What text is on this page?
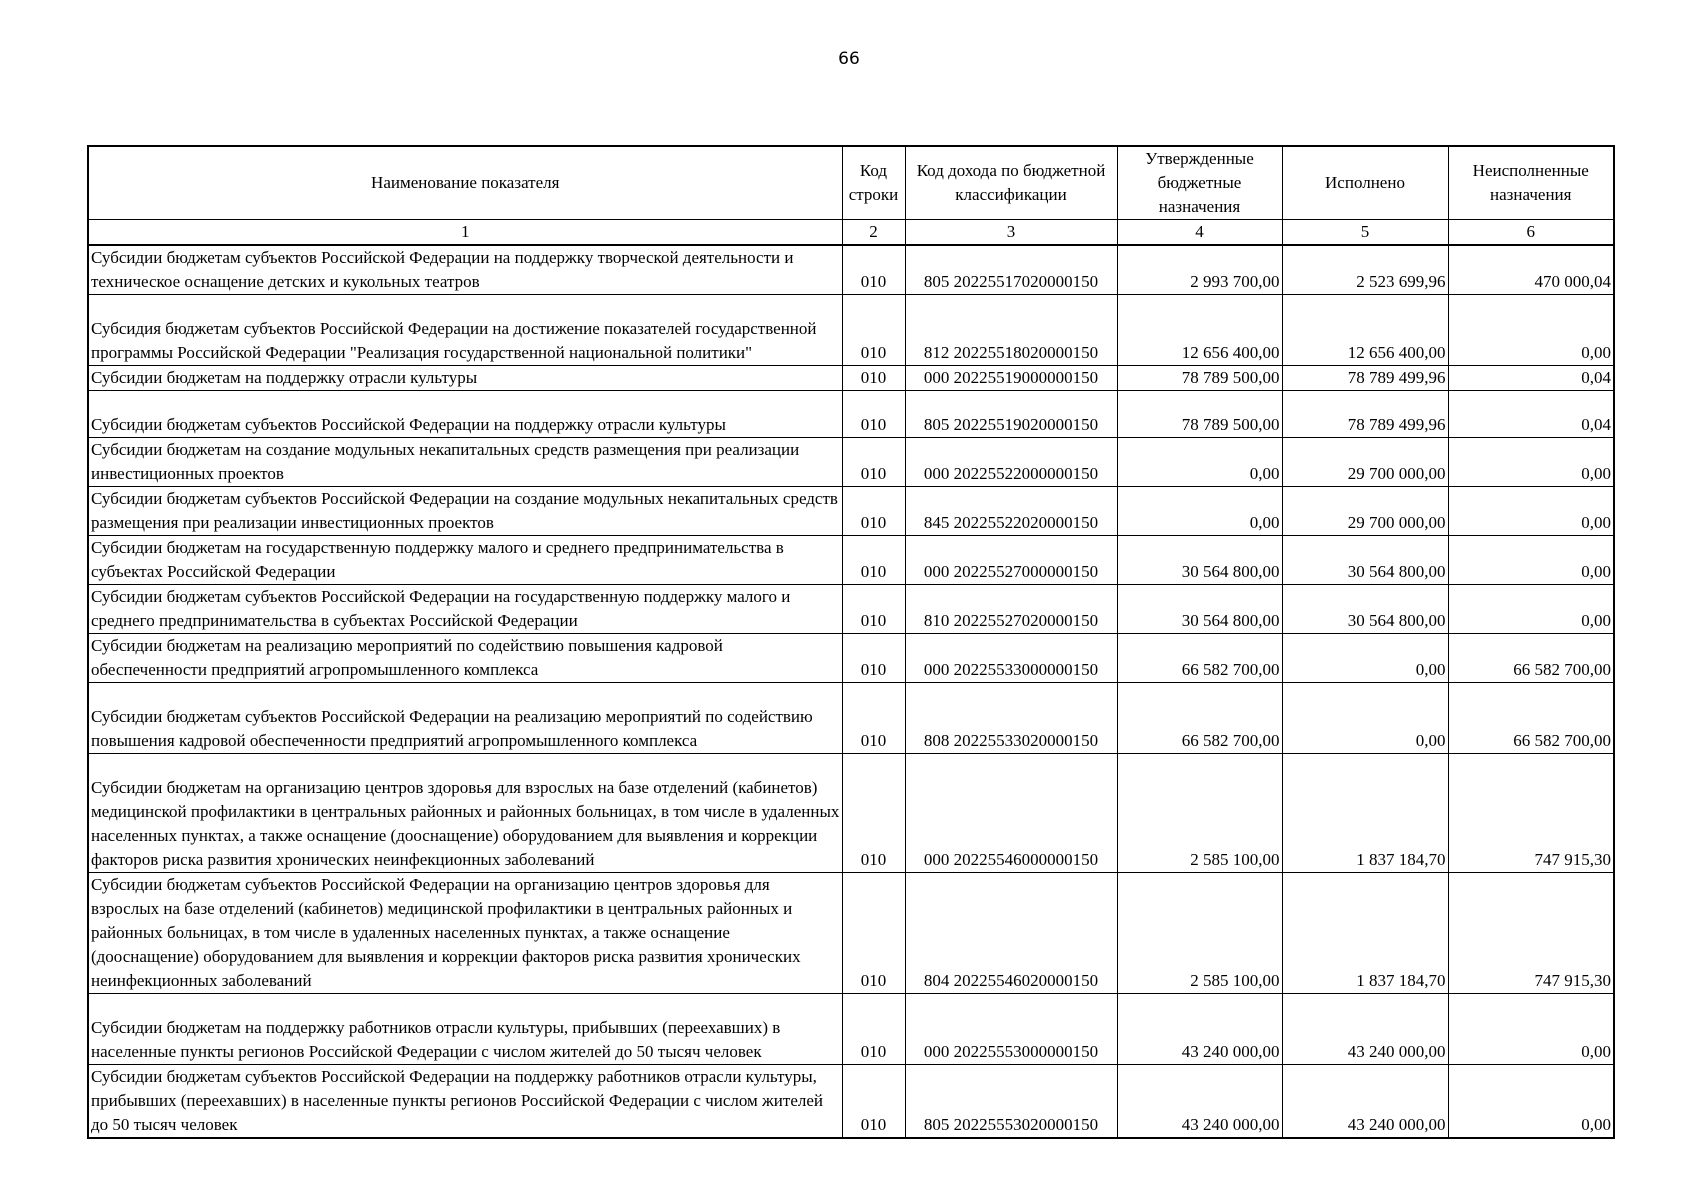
66
Наименование показателя	Код строки	Код дохода по бюджетной классификации	Утвержденные бюджетные назначения	Исполнено	Неисполненные назначения
1	2	3	4	5	6
Субсидии бюджетам субъектов Российской Федерации на поддержку творческой деятельности и техническое оснащение детских и кукольных театров	010	805 20225517020000150	2 993 700,00	2 523 699,96	470 000,04
Субсидия бюджетам субъектов Российской Федерации на достижение показателей государственной программы Российской Федерации "Реализация государственной национальной политики"	010	812 20225518020000150	12 656 400,00	12 656 400,00	0,00
Субсидии бюджетам на поддержку отрасли культуры	010	000 20225519000000150	78 789 500,00	78 789 499,96	0,04
Субсидии бюджетам субъектов Российской Федерации на поддержку отрасли культуры	010	805 20225519020000150	78 789 500,00	78 789 499,96	0,04
Субсидии бюджетам на создание модульных некапитальных средств размещения при реализации инвестиционных проектов	010	000 20225522000000150	0,00	29 700 000,00	0,00
Субсидии бюджетам субъектов Российской Федерации на создание модульных некапитальных средств размещения при реализации инвестиционных проектов	010	845 20225522020000150	0,00	29 700 000,00	0,00
Субсидии бюджетам на государственную поддержку малого и среднего предпринимательства в субъектах Российской Федерации	010	000 20225527000000150	30 564 800,00	30 564 800,00	0,00
Субсидии бюджетам субъектов Российской Федерации на государственную поддержку малого и среднего предпринимательства в субъектах Российской Федерации	010	810 20225527020000150	30 564 800,00	30 564 800,00	0,00
Субсидии бюджетам на реализацию мероприятий по содействию повышения кадровой обеспеченности предприятий агропромышленного комплекса	010	000 20225533000000150	66 582 700,00	0,00	66 582 700,00
Субсидии бюджетам субъектов Российской Федерации на реализацию мероприятий по содействию повышения кадровой обеспеченности предприятий агропромышленного комплекса	010	808 20225533020000150	66 582 700,00	0,00	66 582 700,00
Субсидии бюджетам на организацию центров здоровья для взрослых на базе отделений (кабинетов) медицинской профилактики в центральных районных и районных больницах, в том числе в удаленных населенных пунктах, а также оснащение (дооснащение) оборудованием для выявления и коррекции факторов риска развития хронических неинфекционных заболеваний	010	000 20225546000000150	2 585 100,00	1 837 184,70	747 915,30
Субсидии бюджетам субъектов Российской Федерации на организацию центров здоровья для взрослых на базе отделений (кабинетов) медицинской профилактики в центральных районных и районных больницах, в том числе в удаленных населенных пунктах, а также оснащение (дооснащение) оборудованием для выявления и коррекции факторов риска развития хронических неинфекционных заболеваний	010	804 20225546020000150	2 585 100,00	1 837 184,70	747 915,30
Субсидии бюджетам на поддержку работников отрасли культуры, прибывших (переехавших) в населенные пункты регионов Российской Федерации с числом жителей до 50 тысяч человек	010	000 20225553000000150	43 240 000,00	43 240 000,00	0,00
Субсидии бюджетам субъектов Российской Федерации на поддержку работников отрасли культуры, прибывших (переехавших) в населенные пункты регионов Российской Федерации с числом жителей до 50 тысяч человек	010	805 20225553020000150	43 240 000,00	43 240 000,00	0,00
